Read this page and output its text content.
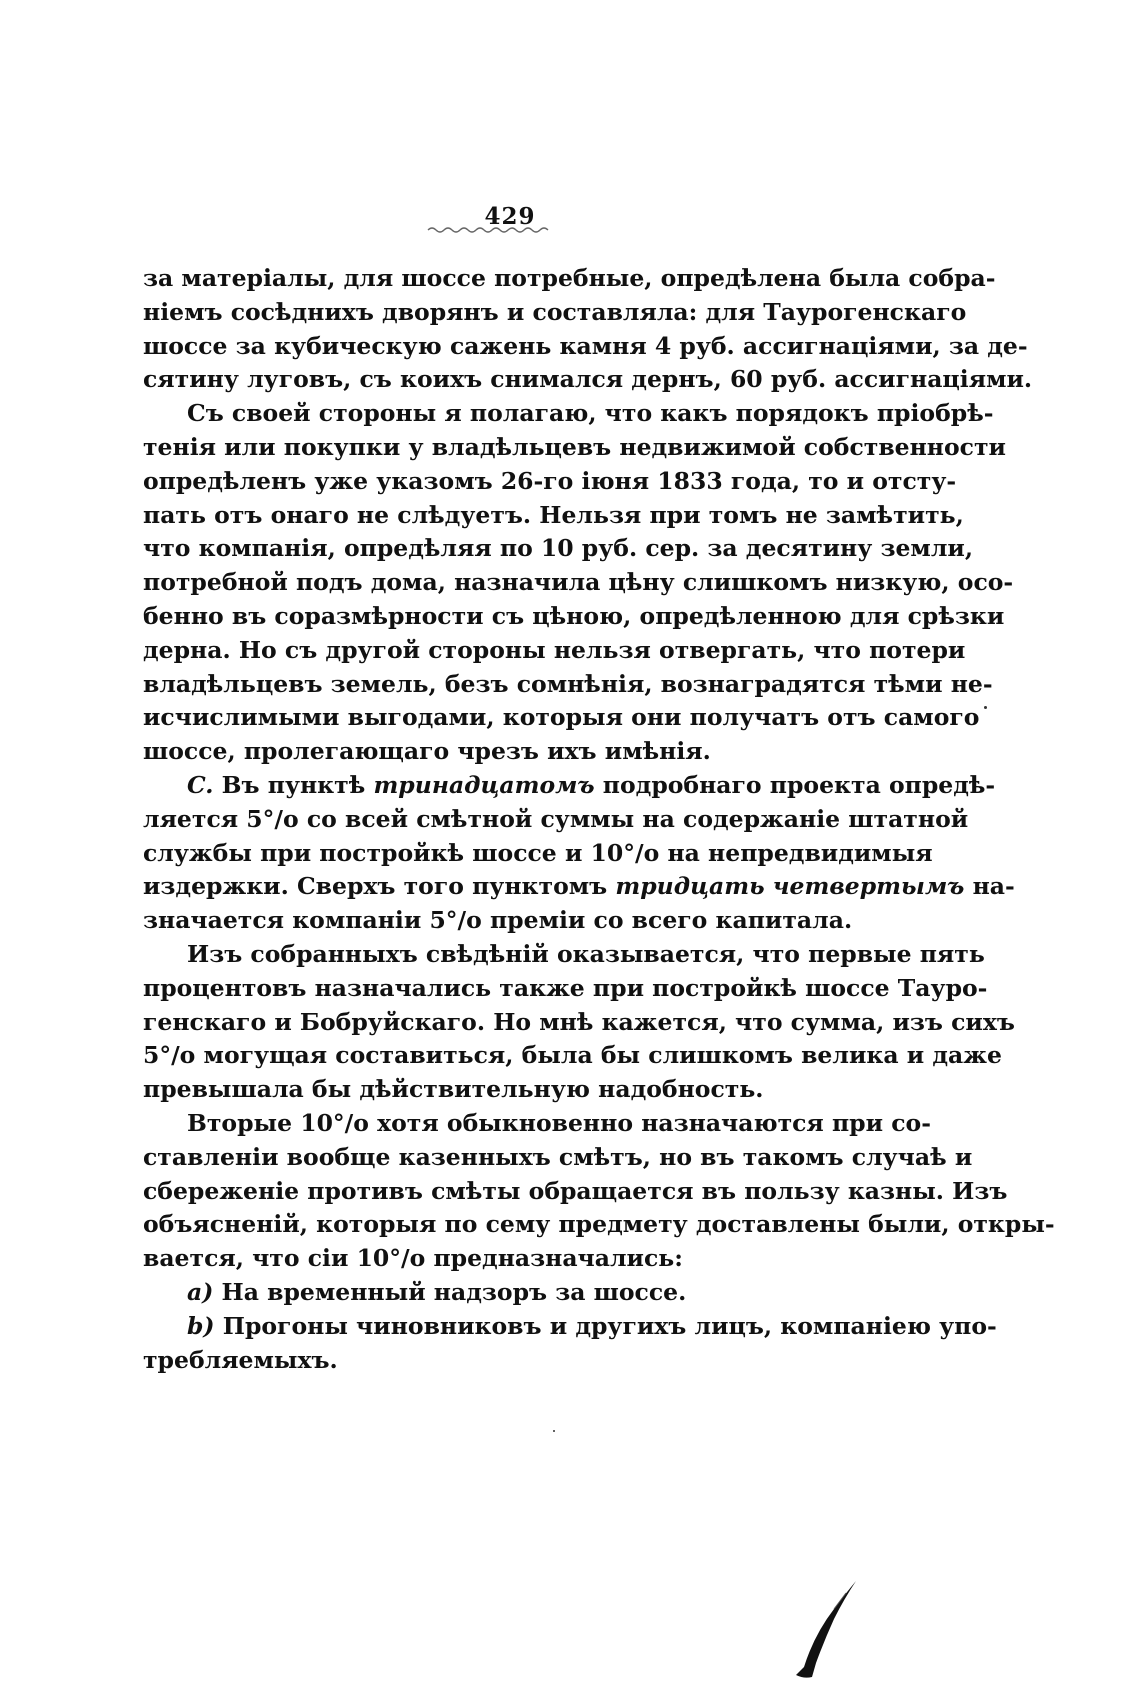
429
за матеріалы, для шоссе потребные, опредѣлена была собра-
ніемъ сосѣднихъ дворянъ и составляла: для Таурогенскаго
шоссе за кубическую сажень камня 4 руб. ассигнаціями, за де-
сятину луговъ, съ коихъ снимался дернъ, 60 руб. ассигнаціями.
Съ своей стороны я полагаю, что какъ порядокъ пріобрѣ-
тенія или покупки у владѣльцевъ недвижимой собственности
опредѣленъ уже указомъ 26-го іюня 1833 года, то и отсту-
пать отъ онаго не слѣдуетъ. Нельзя при томъ не замѣтить,
что компанія, опредѣляя по 10 руб. сер. за десятину земли,
потребной подъ дома, назначила цѣну слишкомъ низкую, осо-
бенно въ соразмѣрности съ цѣною, опредѣленною для срѣзки
дерна. Но съ другой стороны нельзя отвергать, что потери
владѣльцевъ земель, безъ сомнѣнія, вознаградятся тѣми не-
исчислимыми выгодами, которыя они получатъ отъ самого
шоссе, пролегающаго чрезъ ихъ имѣнія.
C. Въ пунктѣ тринадцатомъ подробнаго проекта опредѣ-
ляется 5°/о со всей смѣтной суммы на содержаніе штатной
службы при постройкѣ шоссе и 10°/о на непредвидимыя
издержки. Сверхъ того пунктомъ тридцать четвертымъ на-
значается компаніи 5°/о преміи со всего капитала.
Изъ собранныхъ свѣдѣній оказывается, что первые пять
процентовъ назначались также при постройкѣ шоссе Тауро-
генскаго и Бобруйскаго. Но мнѣ кажется, что сумма, изъ сихъ
5°/о могущая составиться, была бы слишкомъ велика и даже
превышала бы дѣйствительную надобность.
Вторые 10°/о хотя обыкновенно назначаются при со-
ставленіи вообще казенныхъ смѣтъ, но въ такомъ случаѣ и
сбереженіе противъ смѣты обращается въ пользу казны. Изъ
объясненій, которыя по сему предмету доставлены были, откры-
вается, что сіи 10°/о предназначались:
a) На временный надзоръ за шоссе.
b) Прогоны чиновниковъ и другихъ лицъ, компаніею упо-
требляемыхъ.
